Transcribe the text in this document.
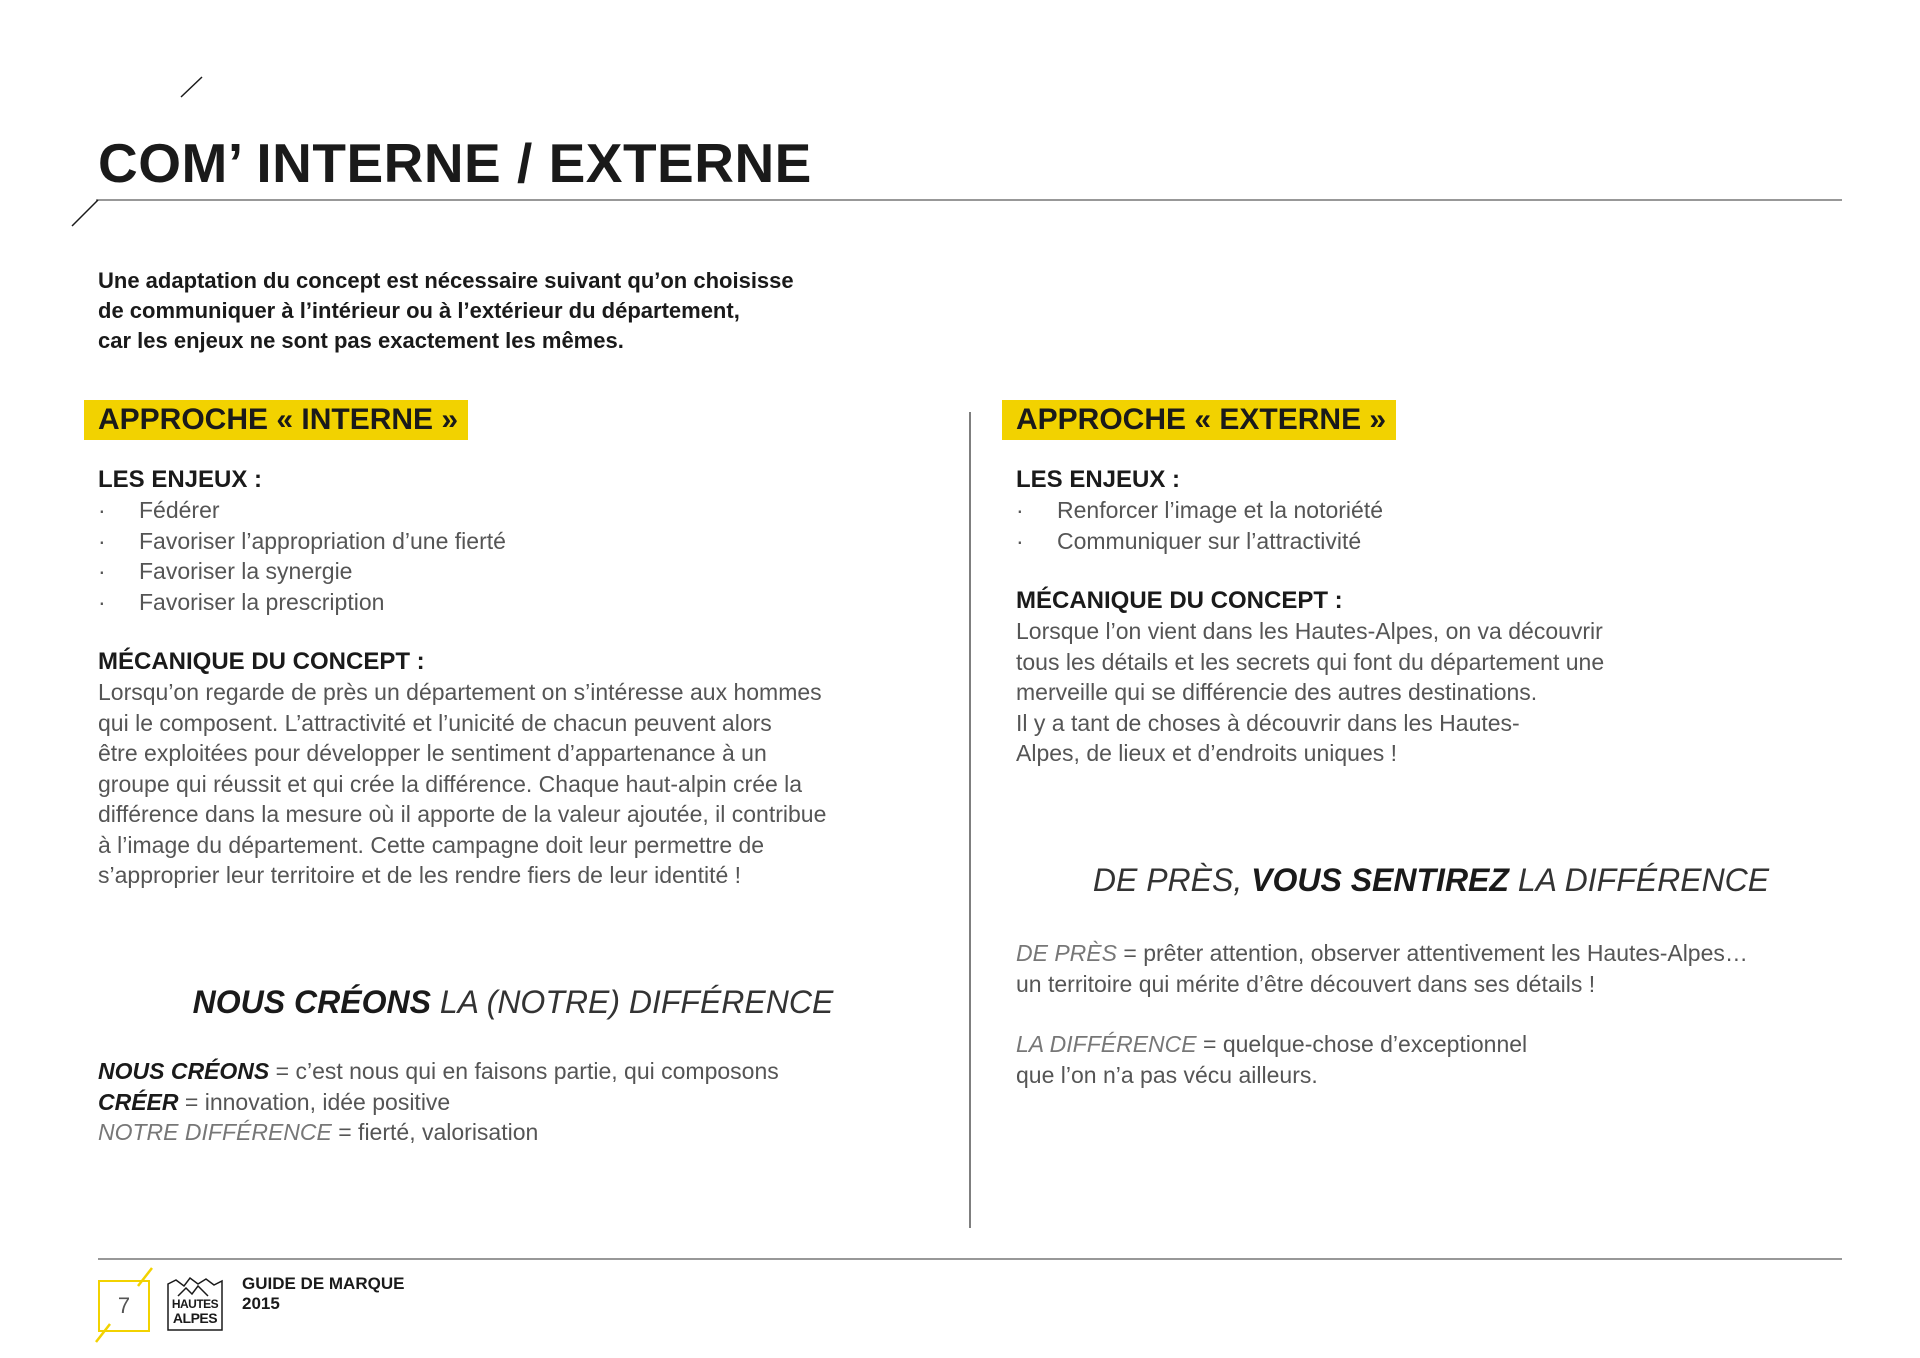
COM’ INTERNE / EXTERNE
Une adaptation du concept est nécessaire suivant qu’on choisisse
de communiquer à l’intérieur ou à l’extérieur du département,
car les enjeux ne sont pas exactement les mêmes.
APPROCHE « INTERNE »
LES ENJEUX :
· Fédérer
· Favoriser l’appropriation d’une fierté
· Favoriser la synergie
· Favoriser la prescription
MÉCANIQUE DU CONCEPT :
Lorsqu’on regarde de près un département on s’intéresse aux hommes
qui le composent. L’attractivité et l’unicité de chacun peuvent alors
être exploitées pour développer le sentiment d’appartenance à un
groupe qui réussit et qui crée la différence. Chaque haut-alpin crée la
différence dans la mesure où il apporte de la valeur ajoutée, il contribue
à l’image du département. Cette campagne doit leur permettre de
s’approprier leur territoire et de les rendre fiers de leur identité !
NOUS CRÉONS LA (NOTRE) DIFFÉRENCE
NOUS CRÉONS = c’est nous qui en faisons partie, qui composons
CRÉER = innovation, idée positive
NOTRE DIFFÉRENCE = fierté, valorisation
APPROCHE « EXTERNE »
LES ENJEUX :
· Renforcer l’image et la notoriété
· Communiquer sur l’attractivité
MÉCANIQUE DU CONCEPT :
Lorsque l’on vient dans les Hautes-Alpes, on va découvrir
tous les détails et les secrets qui font du département une
merveille qui se différencie des autres destinations.
Il y a tant de choses à découvrir dans les Hautes-
Alpes, de lieux et d’endroits uniques !
DE PRÈS, VOUS SENTIREZ LA DIFFÉRENCE
DE PRÈS = prêter attention, observer attentivement les Hautes-Alpes…
un territoire qui mérite d’être découvert dans ses détails !
LA DIFFÉRENCE = quelque-chose d’exceptionnel
que l’on n’a pas vécu ailleurs.
7	HAUTES
ALPES
GUIDE DE MARQUE
2015
